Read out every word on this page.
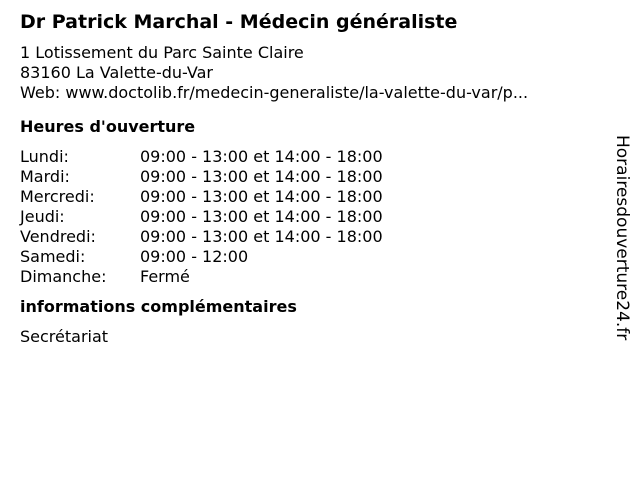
Dr Patrick Marchal - Médecin généraliste
1 Lotissement du Parc Sainte Claire
83160 La Valette-du-Var
Web: www.doctolib.fr/medecin-generaliste/la-valette-du-var/p...
Heures d'ouverture
Lundi:	09:00 - 13:00 et 14:00 - 18:00
Mardi:	09:00 - 13:00 et 14:00 - 18:00
Mercredi:	09:00 - 13:00 et 14:00 - 18:00
Jeudi:	09:00 - 13:00 et 14:00 - 18:00
Vendredi:	09:00 - 13:00 et 14:00 - 18:00
Samedi:	09:00 - 12:00
Dimanche:	Fermé
informations complémentaires
Secrétariat	Horairesdouverture24.fr
